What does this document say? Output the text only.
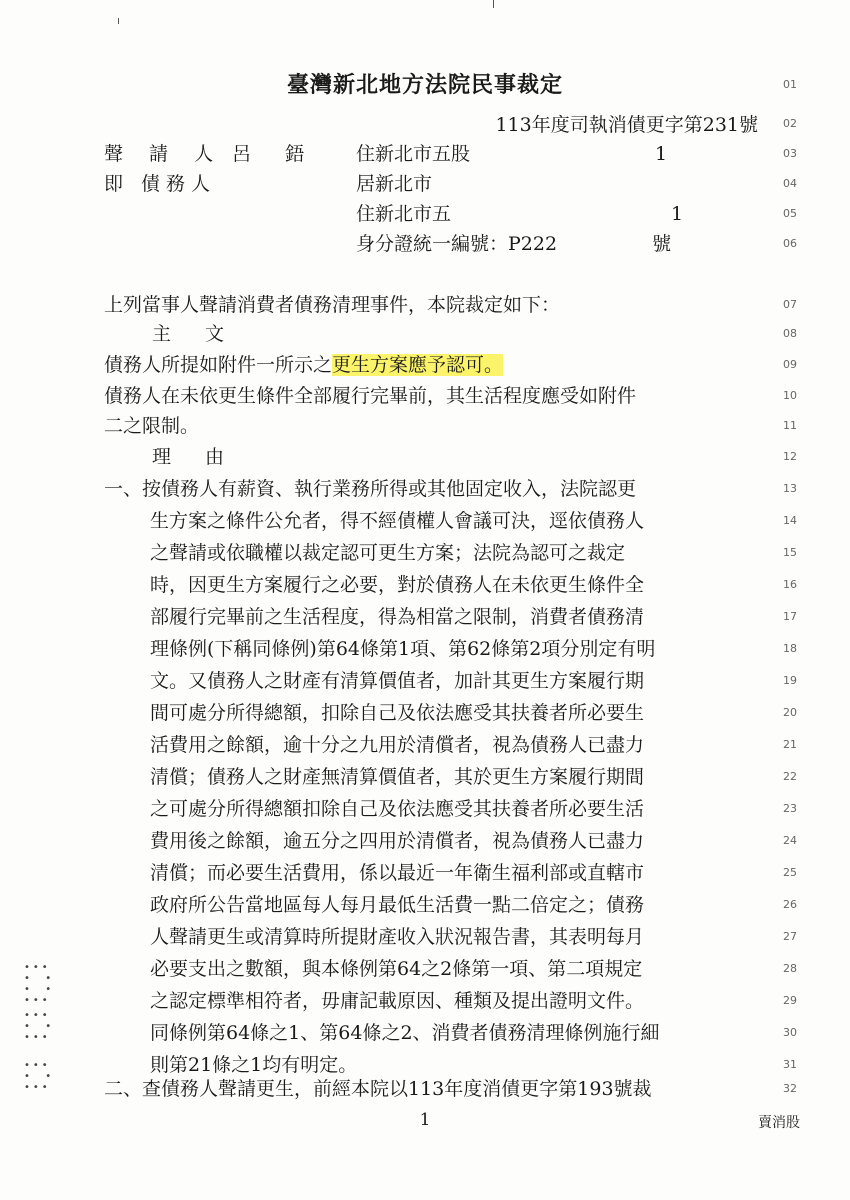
臺灣新北地方法院民事裁定
113年度司執消債更字第231號
聲 請 人 呂 鋙 住新北市五股	1
即 債務人	居新北市
住新北市五	1
身分證統一編號：P222	號
上列當事人聲請消費者債務清理事件，本院裁定如下：
主 文
債務人所提如附件一所示之更生方案應予認可。
債務人在未依更生條件全部履行完畢前，其生活程度應受如附件
二之限制。
理 由
一、按債務人有薪資、執行業務所得或其他固定收入，法院認更
生方案之條件公允者，得不經債權人會議可決，逕依債務人
之聲請或依職權以裁定認可更生方案；法院為認可之裁定
時，因更生方案履行之必要，對於債務人在未依更生條件全
部履行完畢前之生活程度，得為相當之限制，消費者債務清
理條例(下稱同條例)第64條第1項、第62條第2項分別定有明
文。又債務人之財產有清算價值者，加計其更生方案履行期
間可處分所得總額，扣除自己及依法應受其扶養者所必要生
活費用之餘額，逾十分之九用於清償者，視為債務人已盡力
清償；債務人之財產無清算價值者，其於更生方案履行期間
之可處分所得總額扣除自己及依法應受其扶養者所必要生活
費用後之餘額，逾五分之四用於清償者，視為債務人已盡力
清償；而必要生活費用，係以最近一年衛生福利部或直轄市
政府所公告當地區每人每月最低生活費一點二倍定之；債務
人聲請更生或清算時所提財產收入狀況報告書，其表明每月
必要支出之數額，與本條例第64之2條第一項、第二項規定
之認定標準相符者，毋庸記載原因、種類及提出證明文件。
同條例第64條之1、第64條之2、消費者債務清理條例施行細
則第21條之1均有明定。
二、查債務人聲請更生，前經本院以113年度消債更字第193號裁
01
02
03
04
05
06
07
08
09
10
11
12
13
14
15
16
17
18
19
20
21
22
23
24
25
26
27
28
29
30
31
32
•••
•  •
•  •
•••
•••
•  •
•••
•••
•  •
•••
1	賣消股
